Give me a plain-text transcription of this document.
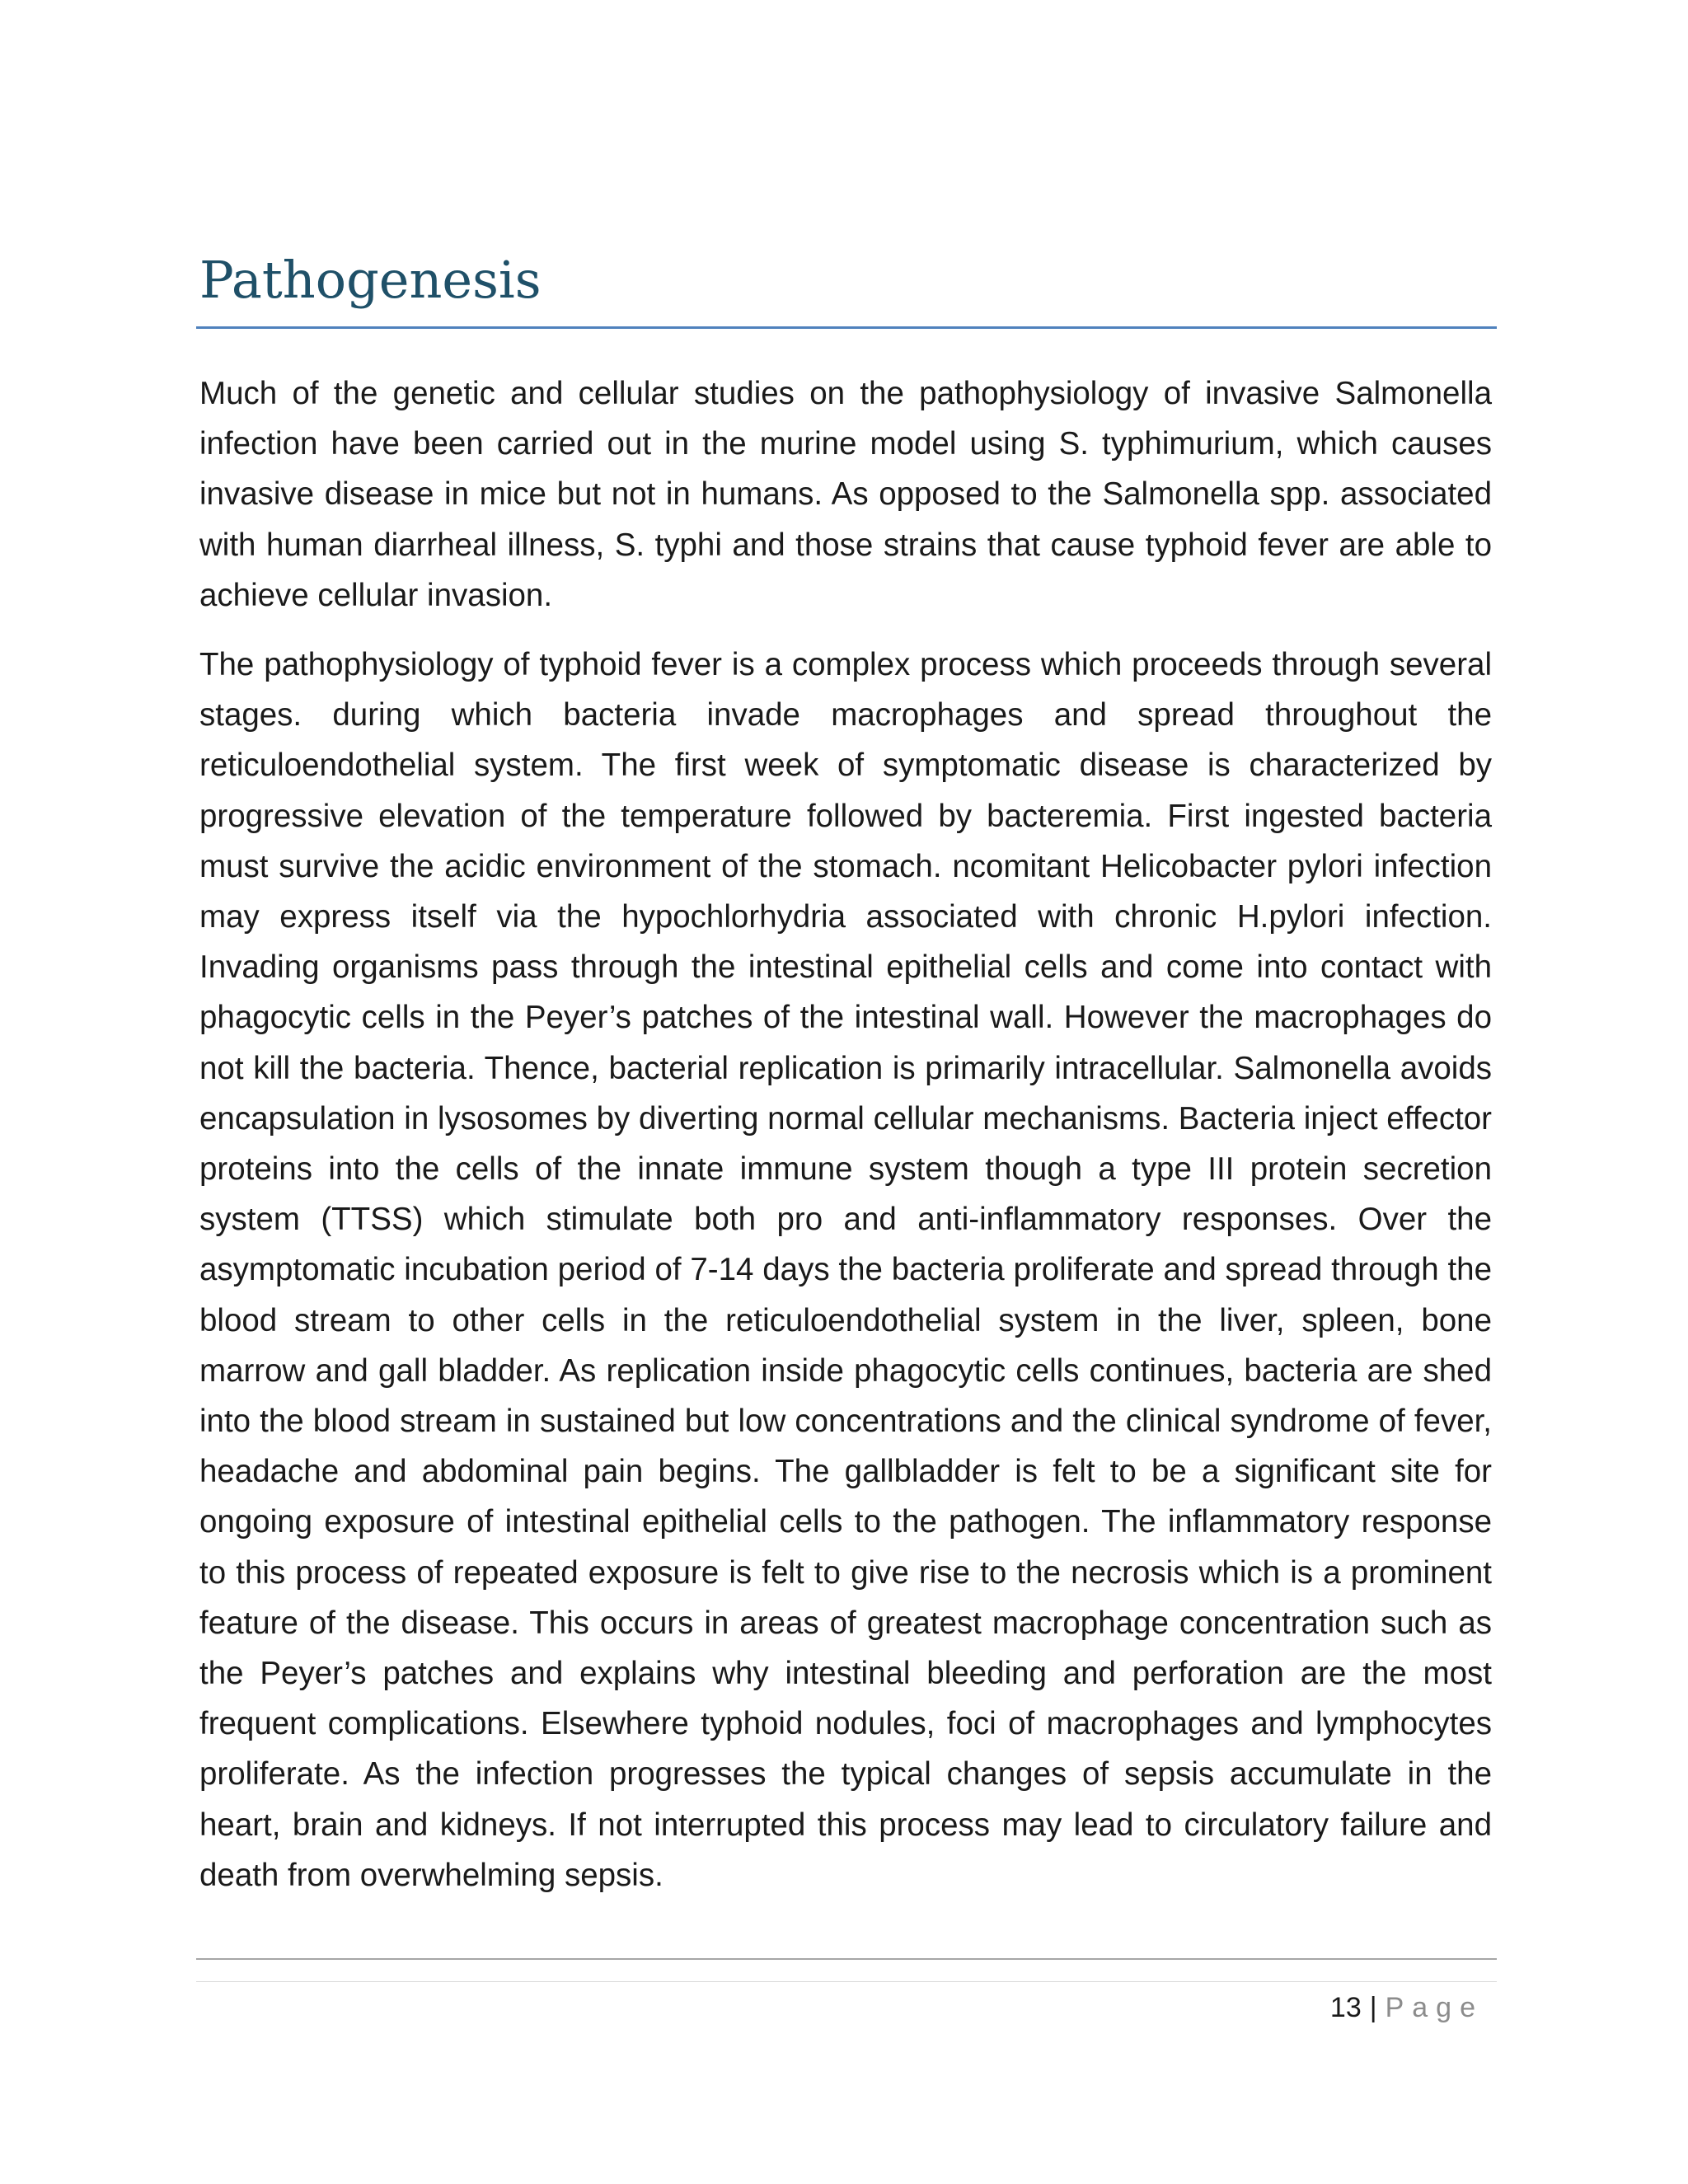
Pathogenesis

Much of the genetic and cellular studies on the pathophysiology of invasive Salmonella infection have been carried out in the murine model using S. typhimurium, which causes invasive disease in mice but not in humans. As opposed to the Salmonella spp. associated with human diarrheal illness, S. typhi and those strains that cause typhoid fever are able to achieve cellular invasion.

The pathophysiology of typhoid fever is a complex process which proceeds through several stages. during which bacteria invade macrophages and spread throughout the reticuloendothelial system. The first week of symptomatic disease is characterized by progressive elevation of the temperature followed by bacteremia. First ingested bacteria must survive the acidic environment of the stomach. ncomitant Helicobacter pylori infection may express itself via the hypochlorhydria associated with chronic H.pylori infection. Invading organisms pass through the intestinal epithelial cells and come into contact with phagocytic cells in the Peyer’s patches of the intestinal wall. However the macrophages do not kill the bacteria. Thence, bacterial replication is primarily intracellular. Salmonella avoids encapsulation in lysosomes by diverting normal cellular mechanisms. Bacteria inject effector proteins into the cells of the innate immune system though a type III protein secretion system (TTSS) which stimulate both pro and anti-inflammatory responses. Over the asymptomatic incubation period of 7-14 days the bacteria proliferate and spread through the blood stream to other cells in the reticuloendothelial system in the liver, spleen, bone marrow and gall bladder. As replication inside phagocytic cells continues, bacteria are shed into the blood stream in sustained but low concentrations and the clinical syndrome of fever, headache and abdominal pain begins. The gallbladder is felt to be a significant site for ongoing exposure of intestinal epithelial cells to the pathogen. The inflammatory response to this process of repeated exposure is felt to give rise to the necrosis which is a prominent feature of the disease. This occurs in areas of greatest macrophage concentration such as the Peyer’s patches and explains why intestinal bleeding and perforation are the most frequent complications. Elsewhere typhoid nodules, foci of macrophages and lymphocytes proliferate. As the infection progresses the typical changes of sepsis accumulate in the heart, brain and kidneys. If not interrupted this process may lead to circulatory failure and death from overwhelming sepsis.

13 | Page
